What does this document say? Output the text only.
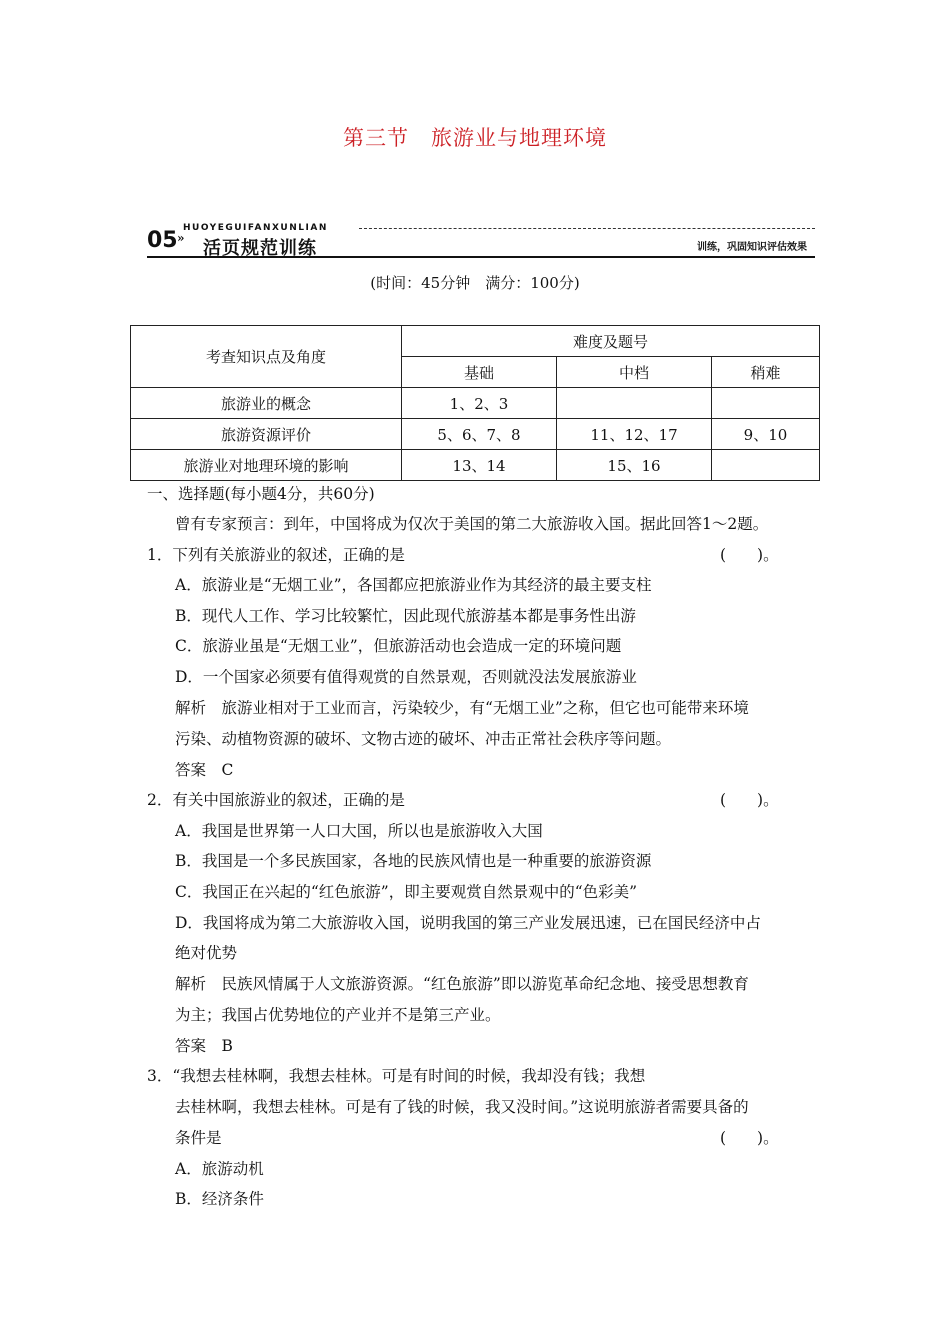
第三节　旅游业与地理环境
05 »
HUOYEGUIFANXUNLIAN
活页规范训练	训练，巩固知识评估效果
(时间：45分钟　满分：100分)
考查知识点及角度	难度及题号		
	基础	中档	稍难
旅游业的概念	1、2、3		
旅游资源评价	5、6、7、8	11、12、17	9、10
旅游业对地理环境的影响	13、14	15、16	
一、选择题(每小题4分，共60分)
曾有专家预言：到年，中国将成为仅次于美国的第二大旅游收入国。据此回答1～2题。
1．下列有关旅游业的叙述，正确的是	(　　)。
A．旅游业是“无烟工业”，各国都应把旅游业作为其经济的最主要支柱
B．现代人工作、学习比较繁忙，因此现代旅游基本都是事务性出游
C．旅游业虽是“无烟工业”，但旅游活动也会造成一定的环境问题
D．一个国家必须要有值得观赏的自然景观，否则就没法发展旅游业
解析　旅游业相对于工业而言，污染较少，有“无烟工业”之称，但它也可能带来环境
污染、动植物资源的破坏、文物古迹的破坏、冲击正常社会秩序等问题。
答案　C
2．有关中国旅游业的叙述，正确的是	(　　)。
A．我国是世界第一人口大国，所以也是旅游收入大国
B．我国是一个多民族国家，各地的民族风情也是一种重要的旅游资源
C．我国正在兴起的“红色旅游”，即主要观赏自然景观中的“色彩美”
D．我国将成为第二大旅游收入国，说明我国的第三产业发展迅速，已在国民经济中占
绝对优势
解析　民族风情属于人文旅游资源。“红色旅游”即以游览革命纪念地、接受思想教育
为主；我国占优势地位的产业并不是第三产业。
答案　B
3．“我想去桂林啊，我想去桂林。可是有时间的时候，我却没有钱；我想
去桂林啊，我想去桂林。可是有了钱的时候，我又没时间。”这说明旅游者需要具备的
条件是	(　　)。
A．旅游动机
B．经济条件
